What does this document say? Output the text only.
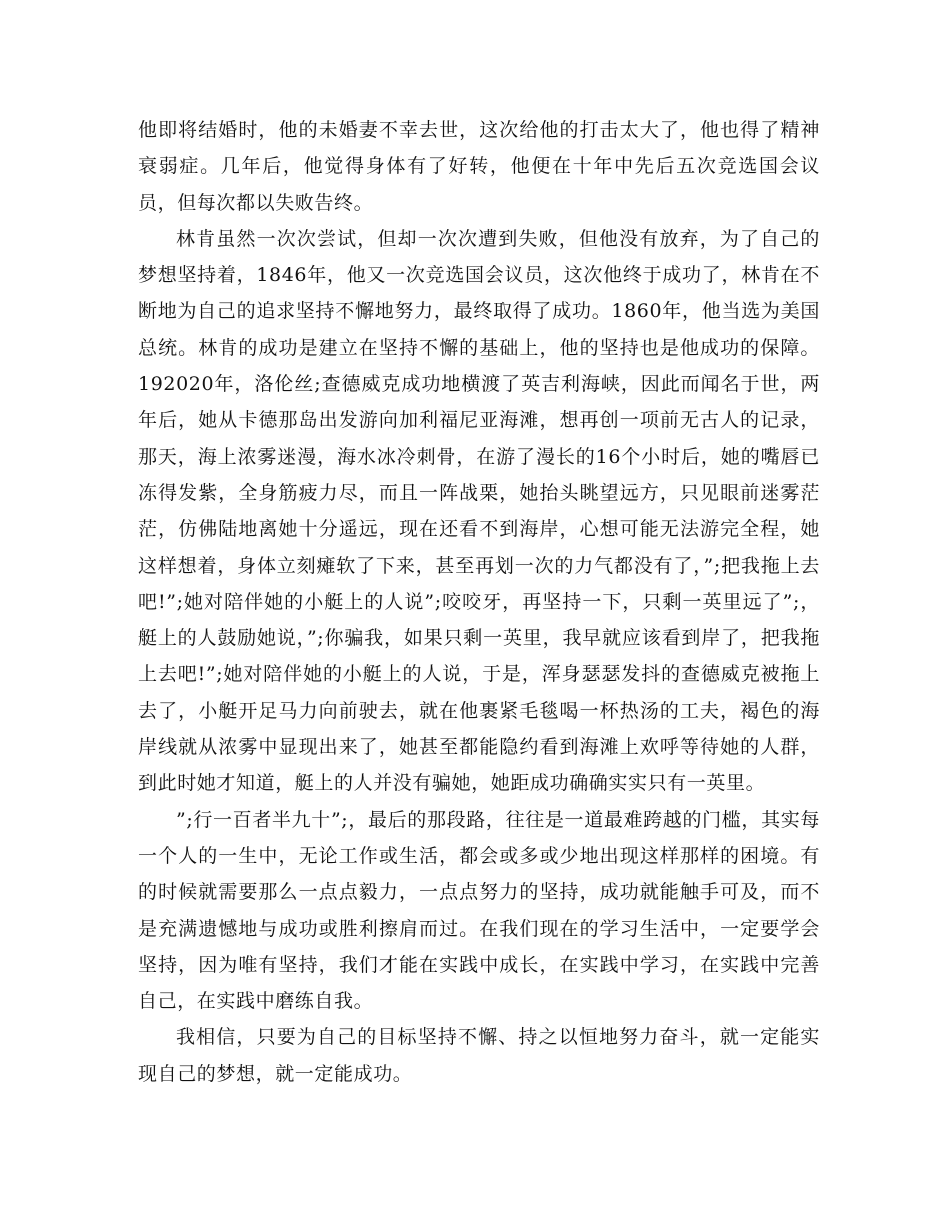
他即将结婚时，他的未婚妻不幸去世，这次给他的打击太大了，他也得了精神衰弱症。几年后，他觉得身体有了好转，他便在十年中先后五次竞选国会议员，但每次都以失败告终。

林肯虽然一次次尝试，但却一次次遭到失败，但他没有放弃，为了自己的梦想坚持着，1846年，他又一次竞选国会议员，这次他终于成功了，林肯在不断地为自己的追求坚持不懈地努力，最终取得了成功。1860年，他当选为美国总统。林肯的成功是建立在坚持不懈的基础上，他的坚持也是他成功的保障。192020年，洛伦丝;查德威克成功地横渡了英吉利海峡，因此而闻名于世，两年后，她从卡德那岛出发游向加利福尼亚海滩，想再创一项前无古人的记录，那天，海上浓雾迷漫，海水冰冷刺骨，在游了漫长的16个小时后，她的嘴唇已冻得发紫，全身筋疲力尽，而且一阵战栗，她抬头眺望远方，只见眼前迷雾茫茫，仿佛陆地离她十分遥远，现在还看不到海岸，心想可能无法游完全程，她这样想着，身体立刻瘫软了下来，甚至再划一次的力气都没有了，”;把我拖上去吧!”;她对陪伴她的小艇上的人说”;咬咬牙，再坚持一下，只剩一英里远了”;，艇上的人鼓励她说，”;你骗我，如果只剩一英里，我早就应该看到岸了，把我拖上去吧!”;她对陪伴她的小艇上的人说，于是，浑身瑟瑟发抖的查德威克被拖上去了，小艇开足马力向前驶去，就在他裹紧毛毯喝一杯热汤的工夫，褐色的海岸线就从浓雾中显现出来了，她甚至都能隐约看到海滩上欢呼等待她的人群，到此时她才知道，艇上的人并没有骗她，她距成功确确实实只有一英里。

”;行一百者半九十”;，最后的那段路，往往是一道最难跨越的门槛，其实每一个人的一生中，无论工作或生活，都会或多或少地出现这样那样的困境。有的时候就需要那么一点点毅力，一点点努力的坚持，成功就能触手可及，而不是充满遗憾地与成功或胜利擦肩而过。在我们现在的学习生活中，一定要学会坚持，因为唯有坚持，我们才能在实践中成长，在实践中学习，在实践中完善自己，在实践中磨练自我。

我相信，只要为自己的目标坚持不懈、持之以恒地努力奋斗，就一定能实现自己的梦想，就一定能成功。
